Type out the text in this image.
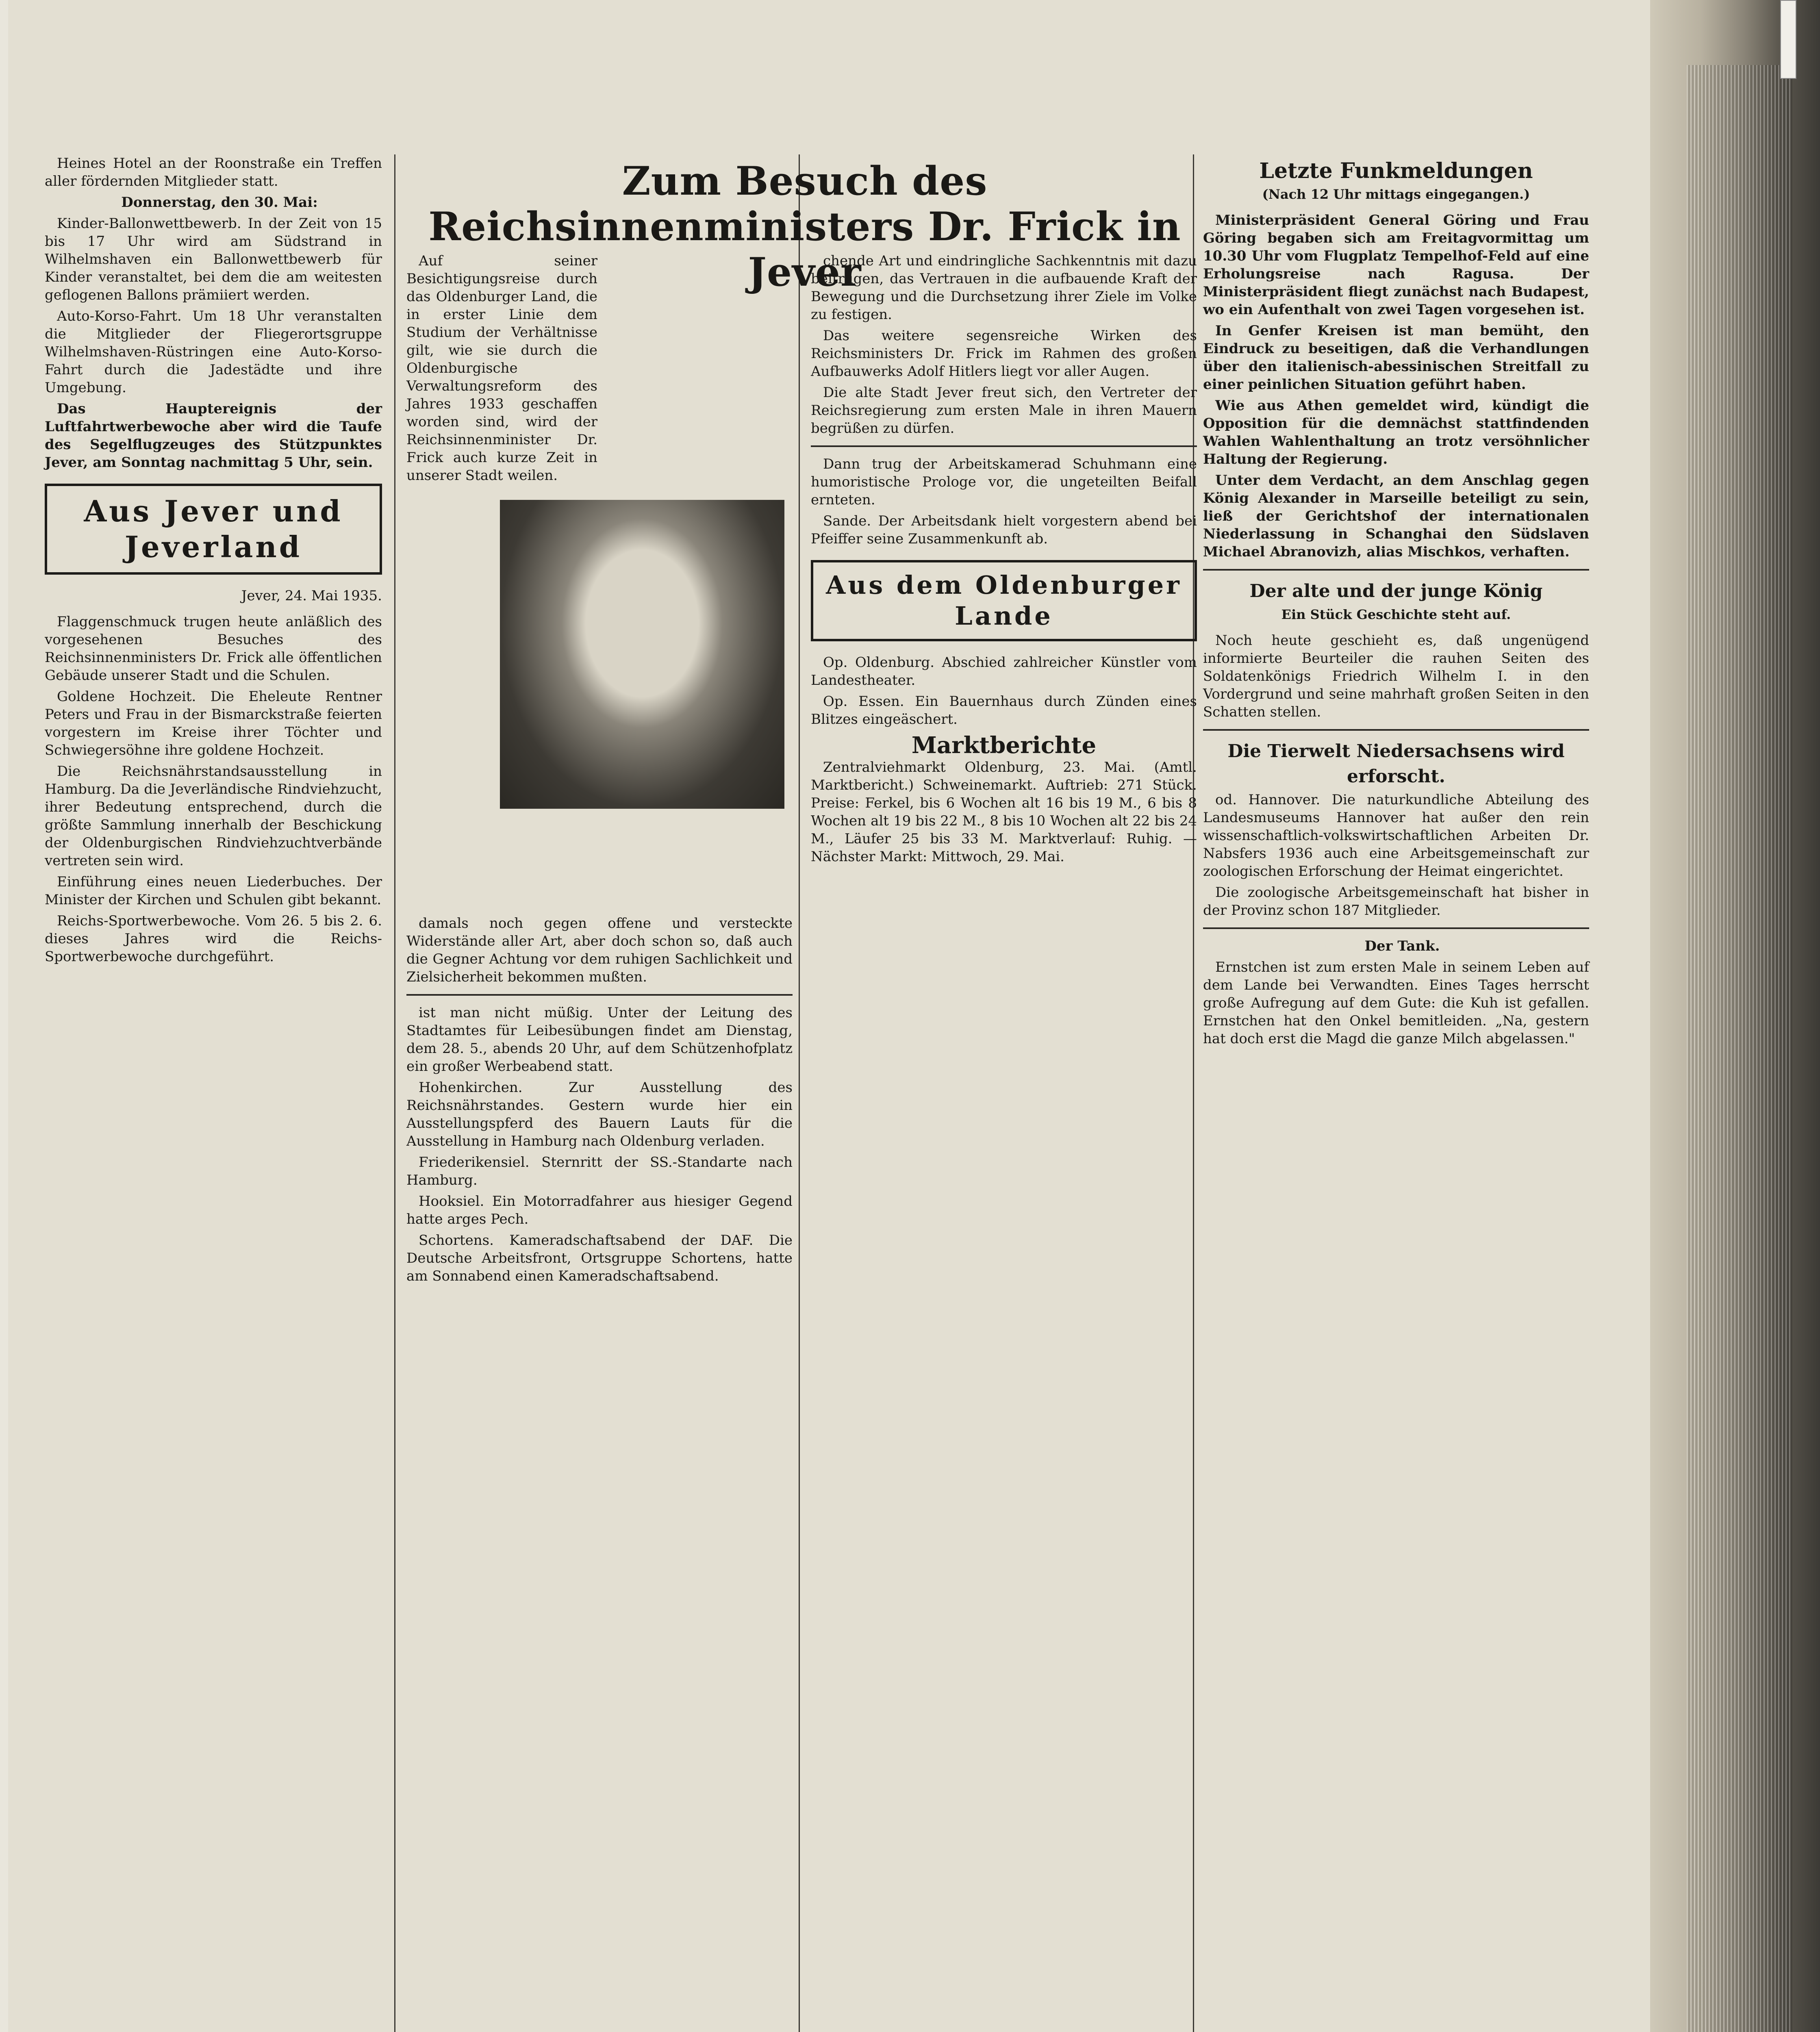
Zum Besuch des Reichsinnenministers Dr. Frick in Jever

Heines Hotel an der Roonstraße ein Treffen aller fördernden Mitglieder statt.

Donnerstag, den 30. Mai:

Kinder-Ballonwettbewerb. In der Zeit von 15 bis 17 Uhr wird am Südstrand in Wilhelmshaven ein Ballonwettbewerb für Kinder veranstaltet, bei dem die am weitesten geflogenen Ballons prämiiert werden.

Auto-Korso-Fahrt. Um 18 Uhr veranstalten die Mitglieder der Fliegerortsgruppe Wilhelmshaven-Rüstringen eine Auto-Korso-Fahrt durch die Jadestädte und ihre Umgebung.

Das Hauptereignis der Luftfahrtwerbewoche aber wird die Taufe des Segelflugzeuges des Stützpunktes Jever, am Sonntag nachmittag 5 Uhr, sein.

Aus Jever und Jeverland
Jever, 24. Mai 1935.

Flaggenschmuck trugen heute anläßlich des vorgesehenen Besuches des Reichsinnenministers Dr. Frick alle öffentlichen Gebäude unserer Stadt und die Schulen.

Goldene Hochzeit. Die Eheleute Rentner Peters und Frau in der Bismarckstraße feierten vorgestern im Kreise ihrer Töchter und Schwiegersöhne ihre goldene Hochzeit.

Die Reichsnährstandsausstellung in Hamburg. Da die Jeverländische Rindviehzucht, ihrer Bedeutung entsprechend, durch die größte Sammlung innerhalb der Beschickung der Oldenburgischen Rindviehzuchtverbände vertreten sein wird.

Einführung eines neuen Liederbuches. Der Minister der Kirchen und Schulen gibt bekannt.

Reichs-Sportwerbewoche. Vom 26. 5 bis 2. 6. dieses Jahres wird die Reichs-Sportwerbewoche durchgeführt.

Auf seiner Besichtigungsreise durch das Oldenburger Land, die in erster Linie dem Studium der Verhältnisse gilt, wie sie durch die Oldenburgische Verwaltungsreform des Jahres 1933 geschaffen worden sind, wird der Reichsinnenminister Dr. Frick auch kurze Zeit in unserer Stadt weilen.

damals noch gegen offene und versteckte Widerstände aller Art, aber doch schon so, daß auch die Gegner Achtung vor dem ruhigen Sachlichkeit und Zielsicherheit bekommen mußten.

ist man nicht müßig. Unter der Leitung des Stadtamtes für Leibesübungen findet am Dienstag, dem 28. 5., abends 20 Uhr, auf dem Schützenhofplatz ein großer Werbeabend statt.

Hohenkirchen. Zur Ausstellung des Reichsnährstandes. Gestern wurde hier ein Ausstellungspferd des Bauern Lauts für die Ausstellung in Hamburg nach Oldenburg verladen.

Friederikensiel. Sternritt der SS.-Standarte nach Hamburg.

Hooksiel. Ein Motorradfahrer aus hiesiger Gegend hatte arges Pech.

Schortens. Kameradschaftsabend der DAF. Die Deutsche Arbeitsfront, Ortsgruppe Schortens, hatte am Sonnabend einen Kameradschaftsabend.

chende Art und eindringliche Sachkenntnis mit dazu beitrugen, das Vertrauen in die aufbauende Kraft der Bewegung und die Durchsetzung ihrer Ziele im Volke zu festigen.

Das weitere segensreiche Wirken des Reichsministers Dr. Frick im Rahmen des großen Aufbauwerks Adolf Hitlers liegt vor aller Augen.

Die alte Stadt Jever freut sich, den Vertreter der Reichsregierung zum ersten Male in ihren Mauern begrüßen zu dürfen.

Dann trug der Arbeitskamerad Schuhmann eine humoristische Prologe vor, die ungeteilten Beifall ernteten.

Sande. Der Arbeitsdank hielt vorgestern abend bei Pfeiffer seine Zusammenkunft ab.

Aus dem Oldenburger Lande

Op. Oldenburg. Abschied zahlreicher Künstler vom Landestheater.

Op. Essen. Ein Bauernhaus durch Zünden eines Blitzes eingeäschert.

Marktberichte

Zentralviehmarkt Oldenburg, 23. Mai. (Amtl. Marktbericht.) Schweinemarkt. Auftrieb: 271 Stück. Preise: Ferkel, bis 6 Wochen alt 16 bis 19 M., 6 bis 8 Wochen alt 19 bis 22 M., 8 bis 10 Wochen alt 22 bis 24 M., Läufer 25 bis 33 M. Marktverlauf: Ruhig. — Nächster Markt: Mittwoch, 29. Mai.

Letzte Funkmeldungen
(Nach 12 Uhr mittags eingegangen.)

Ministerpräsident General Göring und Frau Göring begaben sich am Freitagvormittag um 10.30 Uhr vom Flugplatz Tempelhof-Feld auf eine Erholungsreise nach Ragusa. Der Ministerpräsident fliegt zunächst nach Budapest, wo ein Aufenthalt von zwei Tagen vorgesehen ist.

In Genfer Kreisen ist man bemüht, den Eindruck zu beseitigen, daß die Verhandlungen über den italienisch-abessinischen Streitfall zu einer peinlichen Situation geführt haben.

Wie aus Athen gemeldet wird, kündigt die Opposition für die demnächst stattfindenden Wahlen Wahlenthaltung an trotz versöhnlicher Haltung der Regierung.

Unter dem Verdacht, an dem Anschlag gegen König Alexander in Marseille beteiligt zu sein, ließ der Gerichtshof der internationalen Niederlassung in Schanghai den Südslaven Michael Abranovizh, alias Mischkos, verhaften.

Der alte und der junge König
Ein Stück Geschichte steht auf.

Noch heute geschieht es, daß ungenügend informierte Beurteiler die rauhen Seiten des Soldatenkönigs Friedrich Wilhelm I. in den Vordergrund und seine mahrhaft großen Seiten in den Schatten stellen.

Die Tierwelt Niedersachsens wird erforscht.

od. Hannover. Die naturkundliche Abteilung des Landesmuseums Hannover hat außer den rein wissenschaftlich-volkswirtschaftlichen Arbeiten Dr. Nabsfers 1936 auch eine Arbeitsgemeinschaft zur zoologischen Erforschung der Heimat eingerichtet.

Die zoologische Arbeitsgemeinschaft hat bisher in der Provinz schon 187 Mitglieder.

Der Tank.

Ernstchen ist zum ersten Male in seinem Leben auf dem Lande bei Verwandten. Eines Tages herrscht große Aufregung auf dem Gute: die Kuh ist gefallen. Ernstchen hat den Onkel bemitleiden. „Na, gestern hat doch erst die Magd die ganze Milch abgelassen."
